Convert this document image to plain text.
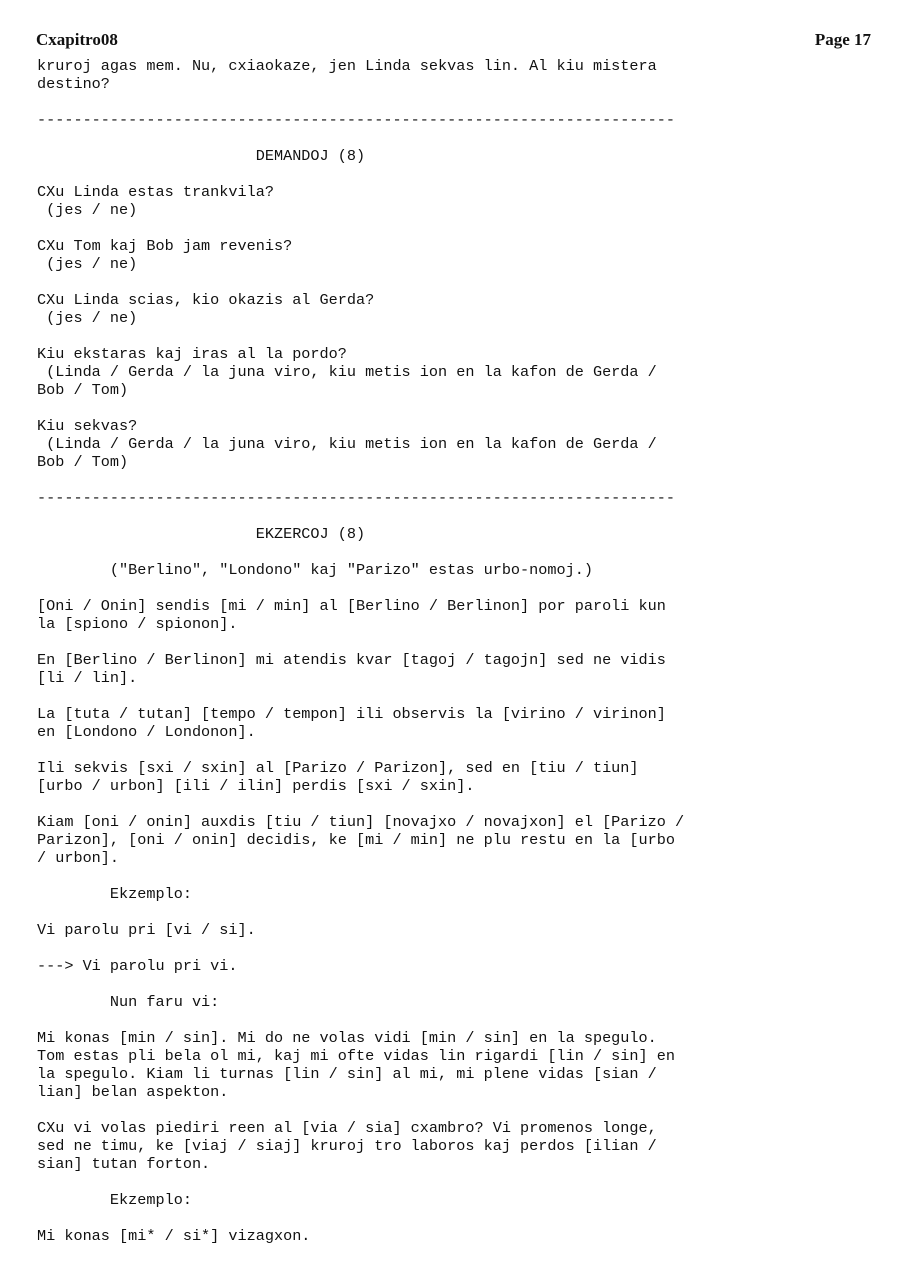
Cxapitro08	Page 17
kruroj agas mem. Nu, cxiaokaze, jen Linda sekvas lin. Al kiu mistera
destino?
----------------------------------------------------------------------
DEMANDOJ (8)
CXu Linda estas trankvila?
(jes / ne)
CXu Tom kaj Bob jam revenis?
(jes / ne)
CXu Linda scias, kio okazis al Gerda?
(jes / ne)
Kiu ekstaras kaj iras al la pordo?
(Linda / Gerda / la juna viro, kiu metis ion en la kafon de Gerda /
Bob / Tom)
Kiu sekvas?
(Linda / Gerda / la juna viro, kiu metis ion en la kafon de Gerda /
Bob / Tom)
----------------------------------------------------------------------
EKZERCOJ (8)
("Berlino", "Londono" kaj "Parizo" estas urbo-nomoj.)
[Oni / Onin] sendis [mi / min] al [Berlino / Berlinon] por paroli kun
la [spiono / spionon].
En [Berlino / Berlinon] mi atendis kvar [tagoj / tagojn] sed ne vidis
[li / lin].
La [tuta / tutan] [tempo / tempon] ili observis la [virino / virinon]
en [Londono / Londonon].
Ili sekvis [sxi / sxin] al [Parizo / Parizon], sed en [tiu / tiun]
[urbo / urbon] [ili / ilin] perdis [sxi / sxin].
Kiam [oni / onin] auxdis [tiu / tiun] [novajxo / novajxon] el [Parizo /
Parizon], [oni / onin] decidis, ke [mi / min] ne plu restu en la [urbo
/ urbon].
Ekzemplo:
Vi parolu pri [vi / si].
---> Vi parolu pri vi.
Nun faru vi:
Mi konas [min / sin]. Mi do ne volas vidi [min / sin] en la spegulo.
Tom estas pli bela ol mi, kaj mi ofte vidas lin rigardi [lin / sin] en
la spegulo. Kiam li turnas [lin / sin] al mi, mi plene vidas [sian /
lian] belan aspekton.
CXu vi volas piediri reen al [via / sia] cxambro? Vi promenos longe,
sed ne timu, ke [viaj / siaj] kruroj tro laboros kaj perdos [ilian /
sian] tutan forton.
Ekzemplo:
Mi konas [mi* / si*] vizagxon.
